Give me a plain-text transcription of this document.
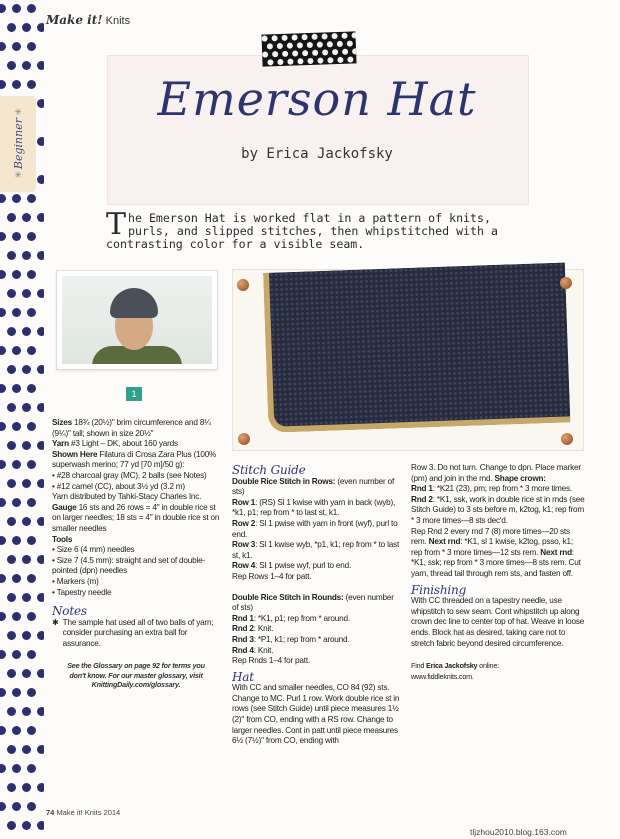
Make it! Knits
✳
Beginner
✳
Emerson Hat
by Erica Jackofsky
The Emerson Hat is worked flat in a pattern of knits, purls, and slipped stitches, then whipstitched with a contrasting color for a visible seam.
1

Sizes 18¾ (20½)" brim circumference and 8¼ (9¼)" tall; shown in size 20½"

Yarn #3 Light – DK, about 160 yards

Shown Here Filatura di Crosa Zara Plus (100% superwash merino; 77 yd [70 m]/50 g):

• #28 charcoal gray (MC), 2 balls (see Notes)

• #12 camel (CC), about 3½ yd (3.2 m)

Yarn distributed by Tahki-Stacy Charles Inc.

Gauge 16 sts and 26 rows = 4" in double rice st on larger needles; 18 sts = 4" in double rice st on smaller needles

Tools

• Size 6 (4 mm) needles

• Size 7 (4.5 mm): straight and set of double-pointed (dpn) needles

• Markers (m)

• Tapestry needle

Notes
✱ The sample hat used all of two balls of yarn; consider purchasing an extra ball for assurance.

See the Glossary on page 92 for terms you don't know. For our master glossary, visit KnittingDaily.com/glossary.

Stitch Guide

Double Rice Stitch in Rows: (even number of sts)

Row 1: (RS) Sl 1 kwise with yarn in back (wyb), *k1, p1; rep from * to last st, k1.

Row 2: Sl 1 pwise with yarn in front (wyf), purl to end.

Row 3: Sl 1 kwise wyb, *p1, k1; rep from * to last st, k1.

Row 4: Sl 1 pwise wyf, purl to end.

Rep Rows 1–4 for patt.

Double Rice Stitch in Rounds: (even number of sts)

Rnd 1: *K1, p1; rep from * around.

Rnd 2: Knit.

Rnd 3: *P1, k1; rep from * around.

Rnd 4: Knit.

Rep Rnds 1–4 for patt.

Hat

With CC and smaller needles, CO 84 (92) sts. Change to MC. Purl 1 row. Work double rice st in rows (see Stitch Guide) until piece measures 1½ (2)" from CO, ending with a RS row. Change to larger needles. Cont in patt until piece measures 6½ (7½)" from CO, ending with

Row 3. Do not turn. Change to dpn. Place marker (pm) and join in the rnd. Shape crown:

Rnd 1: *K21 (23), pm; rep from * 3 more times.

Rnd 2: *K1, ssk, work in double rice st in rnds (see Stitch Guide) to 3 sts before m, k2tog, k1; rep from * 3 more times—8 sts dec'd.

Rep Rnd 2 every rnd 7 (8) more times—20 sts rem. Next rnd: *K1, sl 1 kwise, k2tog, psso, k1; rep from * 3 more times—12 sts rem. Next rnd: *K1, ssk; rep from * 3 more times—8 sts rem. Cut yarn, thread tail through rem sts, and fasten off.

Finishing

With CC threaded on a tapestry needle, use whipstitch to sew seam. Cont whipstitch up along crown dec line to center top of hat. Weave in loose ends. Block hat as desired, taking care not to stretch fabric beyond desired circumference.

Find Erica Jackofsky online:

www.fiddleknits.com.

74 Make it! Knits 2014
tljzhou2010.blog.163.com
